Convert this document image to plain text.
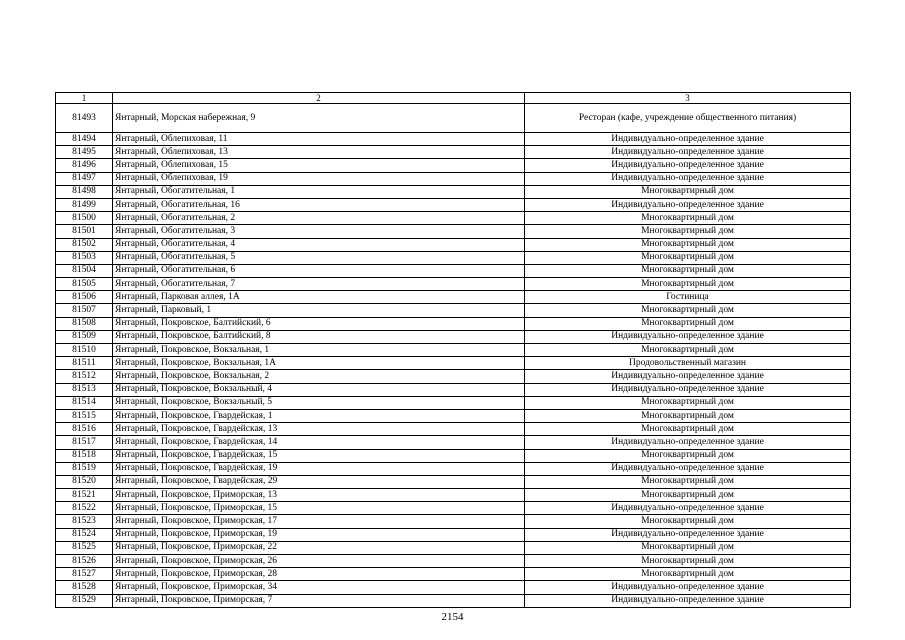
1	2	3
81493	Янтарный, Морская набережная, 9	Ресторан (кафе, учреждение общественного питания)
81494	Янтарный, Облепиховая, 11	Индивидуально-определенное здание
81495	Янтарный, Облепиховая, 13	Индивидуально-определенное здание
81496	Янтарный, Облепиховая, 15	Индивидуально-определенное здание
81497	Янтарный, Облепиховая, 19	Индивидуально-определенное здание
81498	Янтарный, Обогатительная, 1	Многоквартирный дом
81499	Янтарный, Обогатительная, 16	Индивидуально-определенное здание
81500	Янтарный, Обогатительная, 2	Многоквартирный дом
81501	Янтарный, Обогатительная, 3	Многоквартирный дом
81502	Янтарный, Обогатительная, 4	Многоквартирный дом
81503	Янтарный, Обогатительная, 5	Многоквартирный дом
81504	Янтарный, Обогатительная, 6	Многоквартирный дом
81505	Янтарный, Обогатительная, 7	Многоквартирный дом
81506	Янтарный, Парковая аллея, 1А	Гостиница
81507	Янтарный, Парковый, 1	Многоквартирный дом
81508	Янтарный, Покровское, Балтийский, 6	Многоквартирный дом
81509	Янтарный, Покровское, Балтийский, 8	Индивидуально-определенное здание
81510	Янтарный, Покровское, Вокзальная, 1	Многоквартирный дом
81511	Янтарный, Покровское, Вокзальная, 1А	Продовольственный магазин
81512	Янтарный, Покровское, Вокзальная, 2	Индивидуально-определенное здание
81513	Янтарный, Покровское, Вокзальный, 4	Индивидуально-определенное здание
81514	Янтарный, Покровское, Вокзальный, 5	Многоквартирный дом
81515	Янтарный, Покровское, Гвардейская, 1	Многоквартирный дом
81516	Янтарный, Покровское, Гвардейская, 13	Многоквартирный дом
81517	Янтарный, Покровское, Гвардейская, 14	Индивидуально-определенное здание
81518	Янтарный, Покровское, Гвардейская, 15	Многоквартирный дом
81519	Янтарный, Покровское, Гвардейская, 19	Индивидуально-определенное здание
81520	Янтарный, Покровское, Гвардейская, 29	Многоквартирный дом
81521	Янтарный, Покровское, Приморская, 13	Многоквартирный дом
81522	Янтарный, Покровское, Приморская, 15	Индивидуально-определенное здание
81523	Янтарный, Покровское, Приморская, 17	Многоквартирный дом
81524	Янтарный, Покровское, Приморская, 19	Индивидуально-определенное здание
81525	Янтарный, Покровское, Приморская, 22	Многоквартирный дом
81526	Янтарный, Покровское, Приморская, 26	Многоквартирный дом
81527	Янтарный, Покровское, Приморская, 28	Многоквартирный дом
81528	Янтарный, Покровское, Приморская, 34	Индивидуально-определенное здание
81529	Янтарный, Покровское, Приморская, 7	Индивидуально-определенное здание
2154
